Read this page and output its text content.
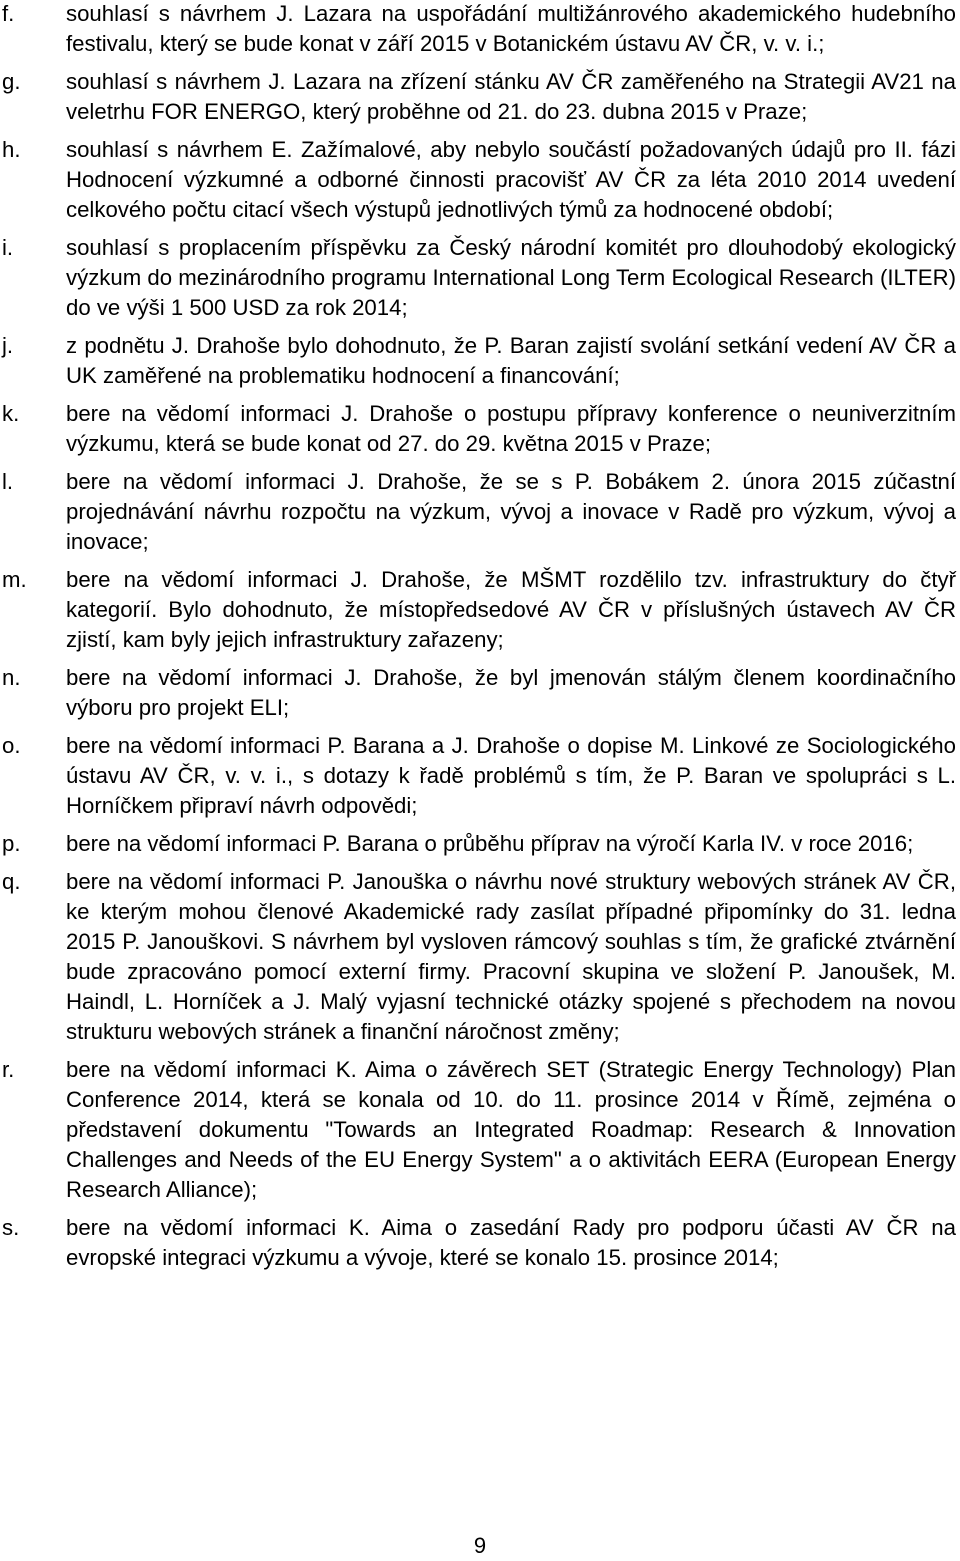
f. souhlasí s návrhem J. Lazara na uspořádání multižánrového akademického hudebního festivalu, který se bude konat v září 2015 v Botanickém ústavu AV ČR, v. v. i.;
g. souhlasí s návrhem J. Lazara na zřízení stánku AV ČR zaměřeného na Strategii AV21 na veletrhu FOR ENERGO, který proběhne od 21. do 23. dubna 2015 v Praze;
h. souhlasí s návrhem E. Zažímalové, aby nebylo součástí požadovaných údajů pro II. fázi Hodnocení výzkumné a odborné činnosti pracovišť AV ČR za léta 2010 2014 uvedení celkového počtu citací všech výstupů jednotlivých týmů za hodnocené období;
i. souhlasí s proplacením příspěvku za Český národní komitét pro dlouhodobý ekologický výzkum do mezinárodního programu International Long Term Ecological Research (ILTER) do ve výši 1 500 USD za rok 2014;
j. z podnětu J. Drahoše bylo dohodnuto, že P. Baran zajistí svolání setkání vedení AV ČR a UK zaměřené na problematiku hodnocení a financování;
k. bere na vědomí informaci J. Drahoše o postupu přípravy konference o neuniverzitním výzkumu, která se bude konat od 27. do 29. května 2015 v Praze;
l. bere na vědomí informaci J. Drahoše, že se s P. Bobákem 2. února 2015 zúčastní projednávání návrhu rozpočtu na výzkum, vývoj a inovace v Radě pro výzkum, vývoj a inovace;
m. bere na vědomí informaci J. Drahoše, že MŠMT rozdělilo tzv. infrastruktury do čtyř kategorií. Bylo dohodnuto, že místopředsedové AV ČR v příslušných ústavech AV ČR zjistí, kam byly jejich infrastruktury zařazeny;
n. bere na vědomí informaci J. Drahoše, že byl jmenován stálým členem koordinačního výboru pro projekt ELI;
o. bere na vědomí informaci P. Barana a J. Drahoše o dopise M. Linkové ze Sociologického ústavu AV ČR, v. v. i., s dotazy k řadě problémů s tím, že P. Baran ve spolupráci s L. Horníčkem připraví návrh odpovědi;
p. bere na vědomí informaci P. Barana o průběhu příprav na výročí Karla IV. v roce 2016;
q. bere na vědomí informaci P. Janouška o návrhu nové struktury webových stránek AV ČR, ke kterým mohou členové Akademické rady zasílat případné připomínky do 31. ledna 2015 P. Janouškovi. S návrhem byl vysloven rámcový souhlas s tím, že grafické ztvárnění bude zpracováno pomocí externí firmy. Pracovní skupina ve složení P. Janoušek, M. Haindl, L. Horníček a J. Malý vyjasní technické otázky spojené s přechodem na novou strukturu webových stránek a finanční náročnost změny;
r. bere na vědomí informaci K. Aima o závěrech SET (Strategic Energy Technology) Plan Conference 2014, která se konala od 10. do 11. prosince 2014 v Římě, zejména o představení dokumentu "Towards an Integrated Roadmap: Research & Innovation Challenges and Needs of the EU Energy System" a o aktivitách EERA (European Energy Research Alliance);
s. bere na vědomí informaci K. Aima o zasedání Rady pro podporu účasti AV ČR na evropské integraci výzkumu a vývoje, které se konalo 15. prosince 2014;
9
